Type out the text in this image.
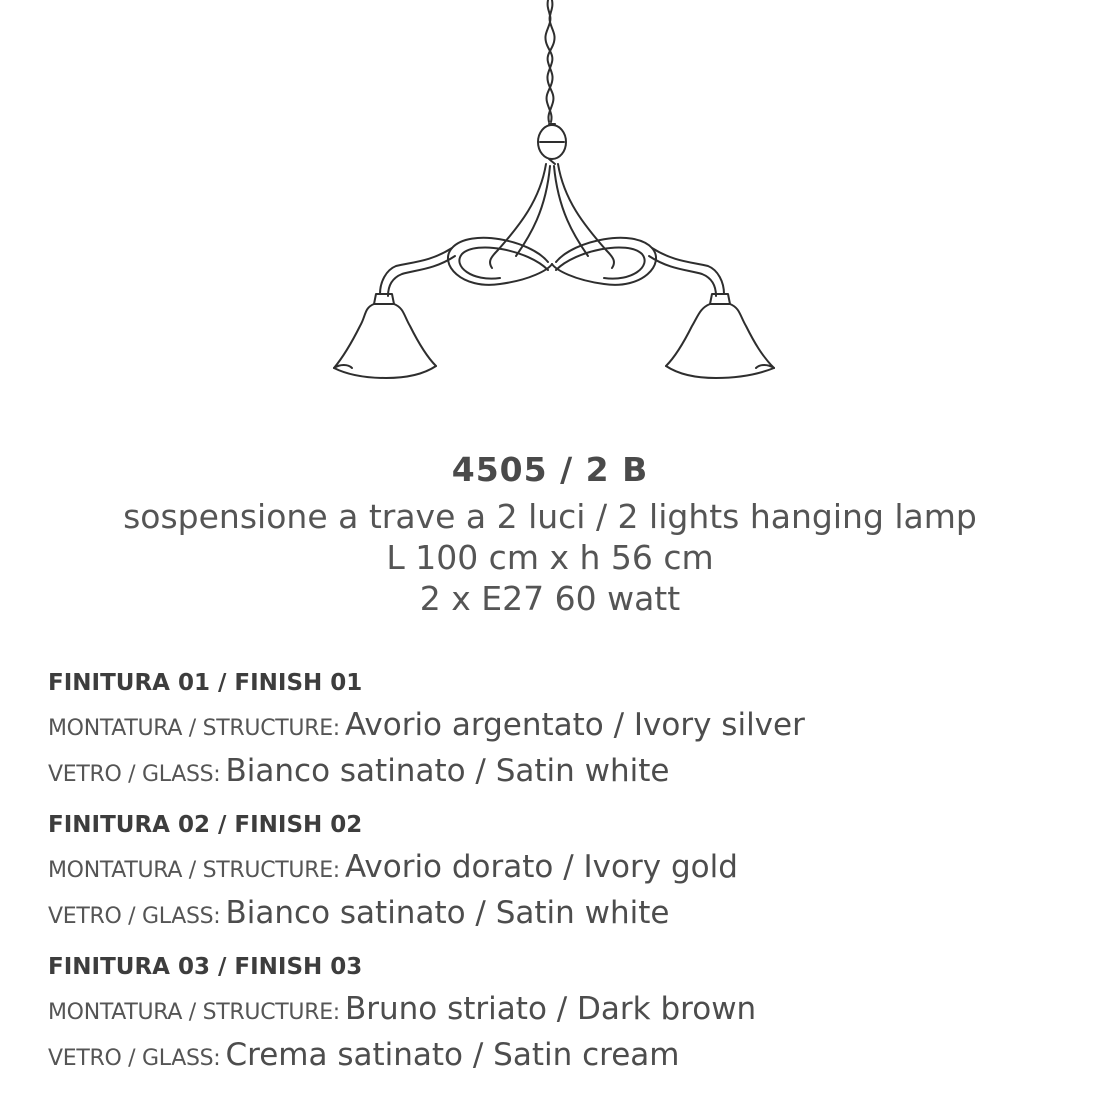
4505 / 2 B
sospensione a trave a 2 luci / 2 lights hanging lamp
L 100 cm x h 56 cm
2 x E27 60 watt
FINITURA 01 / FINISH 01
MONTATURA / STRUCTURE: Avorio argentato / Ivory silver
VETRO / GLASS: Bianco satinato / Satin white
FINITURA 02 / FINISH 02
MONTATURA / STRUCTURE: Avorio dorato / Ivory gold
VETRO / GLASS: Bianco satinato / Satin white
FINITURA 03 / FINISH 03
MONTATURA / STRUCTURE: Bruno striato / Dark brown
VETRO / GLASS: Crema satinato / Satin cream
